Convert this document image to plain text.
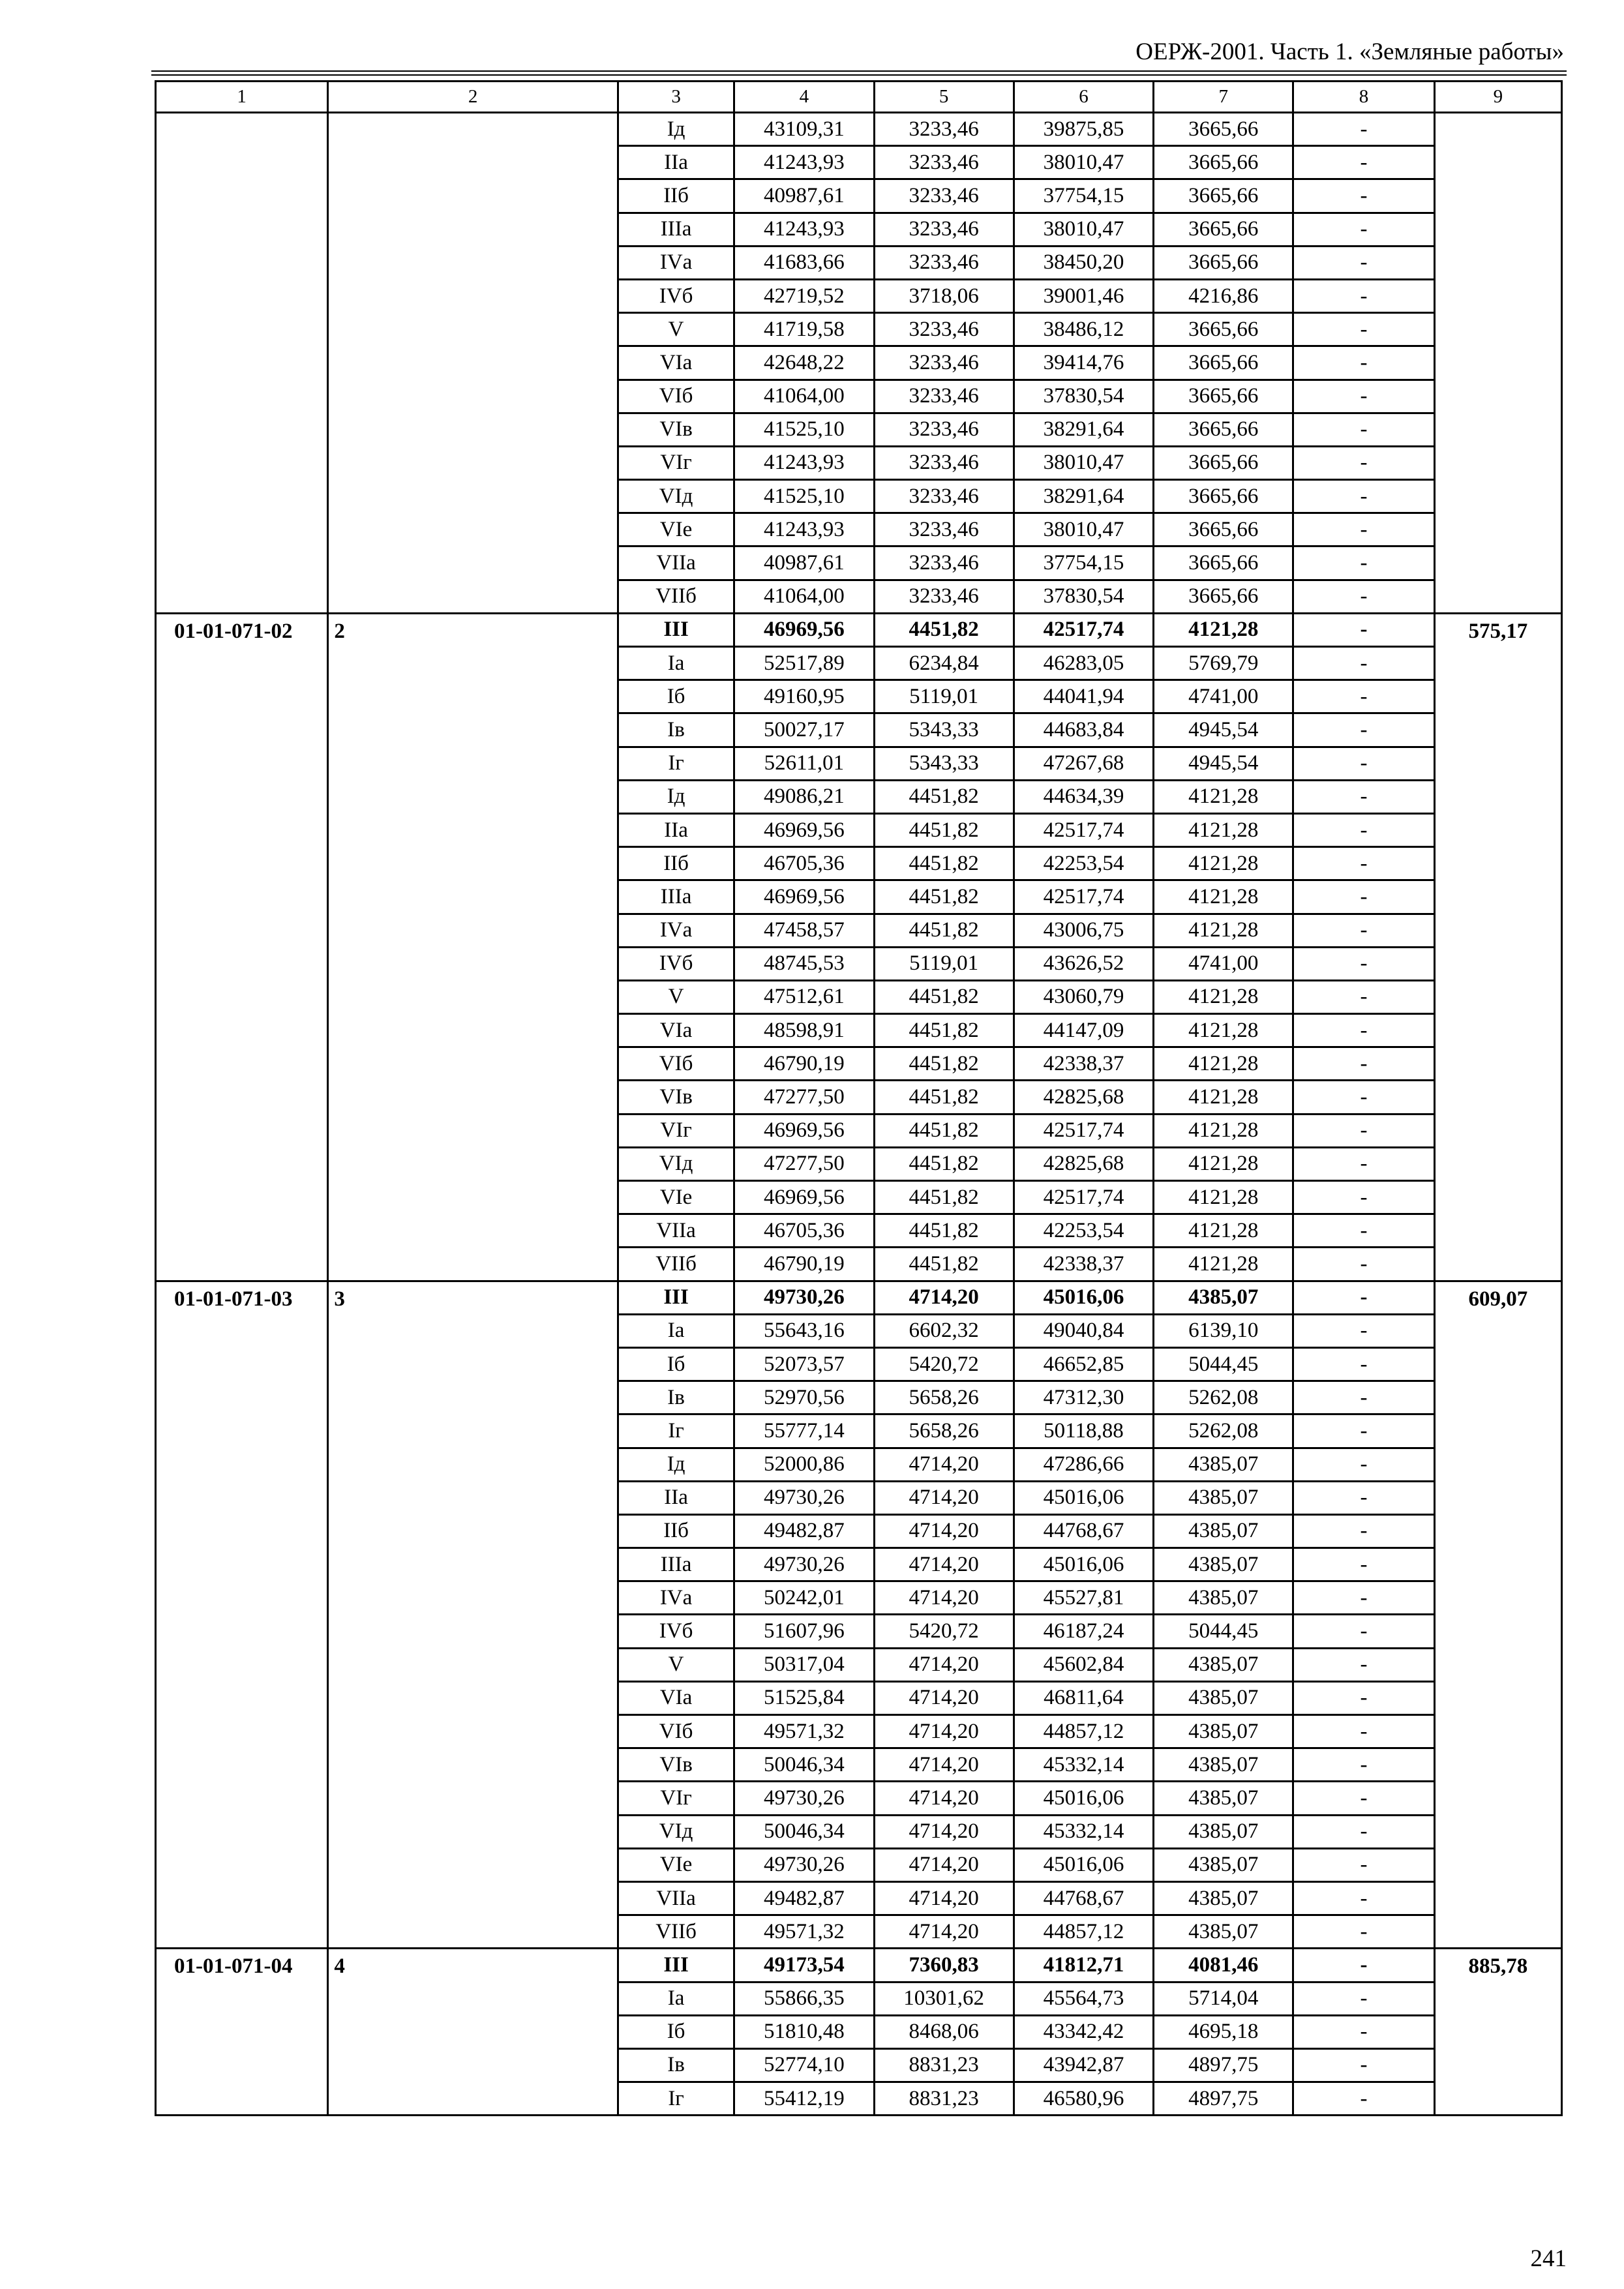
ОЕРЖ-2001. Часть 1. «Земляные работы»
1	2	3	4	5	6	7	8	9
		Iд	43109,31	3233,46	39875,85	3665,66	-	
		IIа	41243,93	3233,46	38010,47	3665,66	-	
		IIб	40987,61	3233,46	37754,15	3665,66	-	
		IIIа	41243,93	3233,46	38010,47	3665,66	-	
		IVа	41683,66	3233,46	38450,20	3665,66	-	
		IVб	42719,52	3718,06	39001,46	4216,86	-	
		V	41719,58	3233,46	38486,12	3665,66	-	
		VIа	42648,22	3233,46	39414,76	3665,66	-	
		VIб	41064,00	3233,46	37830,54	3665,66	-	
		VIв	41525,10	3233,46	38291,64	3665,66	-	
		VIг	41243,93	3233,46	38010,47	3665,66	-	
		VIд	41525,10	3233,46	38291,64	3665,66	-	
		VIе	41243,93	3233,46	38010,47	3665,66	-	
		VIIа	40987,61	3233,46	37754,15	3665,66	-	
		VIIб	41064,00	3233,46	37830,54	3665,66	-	
01-01-071-02	2	III	46969,56	4451,82	42517,74	4121,28	-	575,17
		Iа	52517,89	6234,84	46283,05	5769,79	-	
		Iб	49160,95	5119,01	44041,94	4741,00	-	
		Iв	50027,17	5343,33	44683,84	4945,54	-	
		Iг	52611,01	5343,33	47267,68	4945,54	-	
		Iд	49086,21	4451,82	44634,39	4121,28	-	
		IIа	46969,56	4451,82	42517,74	4121,28	-	
		IIб	46705,36	4451,82	42253,54	4121,28	-	
		IIIа	46969,56	4451,82	42517,74	4121,28	-	
		IVа	47458,57	4451,82	43006,75	4121,28	-	
		IVб	48745,53	5119,01	43626,52	4741,00	-	
		V	47512,61	4451,82	43060,79	4121,28	-	
		VIа	48598,91	4451,82	44147,09	4121,28	-	
		VIб	46790,19	4451,82	42338,37	4121,28	-	
		VIв	47277,50	4451,82	42825,68	4121,28	-	
		VIг	46969,56	4451,82	42517,74	4121,28	-	
		VIд	47277,50	4451,82	42825,68	4121,28	-	
		VIе	46969,56	4451,82	42517,74	4121,28	-	
		VIIа	46705,36	4451,82	42253,54	4121,28	-	
		VIIб	46790,19	4451,82	42338,37	4121,28	-	
01-01-071-03	3	III	49730,26	4714,20	45016,06	4385,07	-	609,07
		Iа	55643,16	6602,32	49040,84	6139,10	-	
		Iб	52073,57	5420,72	46652,85	5044,45	-	
		Iв	52970,56	5658,26	47312,30	5262,08	-	
		Iг	55777,14	5658,26	50118,88	5262,08	-	
		Iд	52000,86	4714,20	47286,66	4385,07	-	
		IIа	49730,26	4714,20	45016,06	4385,07	-	
		IIб	49482,87	4714,20	44768,67	4385,07	-	
		IIIа	49730,26	4714,20	45016,06	4385,07	-	
		IVа	50242,01	4714,20	45527,81	4385,07	-	
		IVб	51607,96	5420,72	46187,24	5044,45	-	
		V	50317,04	4714,20	45602,84	4385,07	-	
		VIа	51525,84	4714,20	46811,64	4385,07	-	
		VIб	49571,32	4714,20	44857,12	4385,07	-	
		VIв	50046,34	4714,20	45332,14	4385,07	-	
		VIг	49730,26	4714,20	45016,06	4385,07	-	
		VIд	50046,34	4714,20	45332,14	4385,07	-	
		VIе	49730,26	4714,20	45016,06	4385,07	-	
		VIIа	49482,87	4714,20	44768,67	4385,07	-	
		VIIб	49571,32	4714,20	44857,12	4385,07	-	
01-01-071-04	4	III	49173,54	7360,83	41812,71	4081,46	-	885,78
		Iа	55866,35	10301,62	45564,73	5714,04	-	
		Iб	51810,48	8468,06	43342,42	4695,18	-	
		Iв	52774,10	8831,23	43942,87	4897,75	-	
		Iг	55412,19	8831,23	46580,96	4897,75	-	
241
